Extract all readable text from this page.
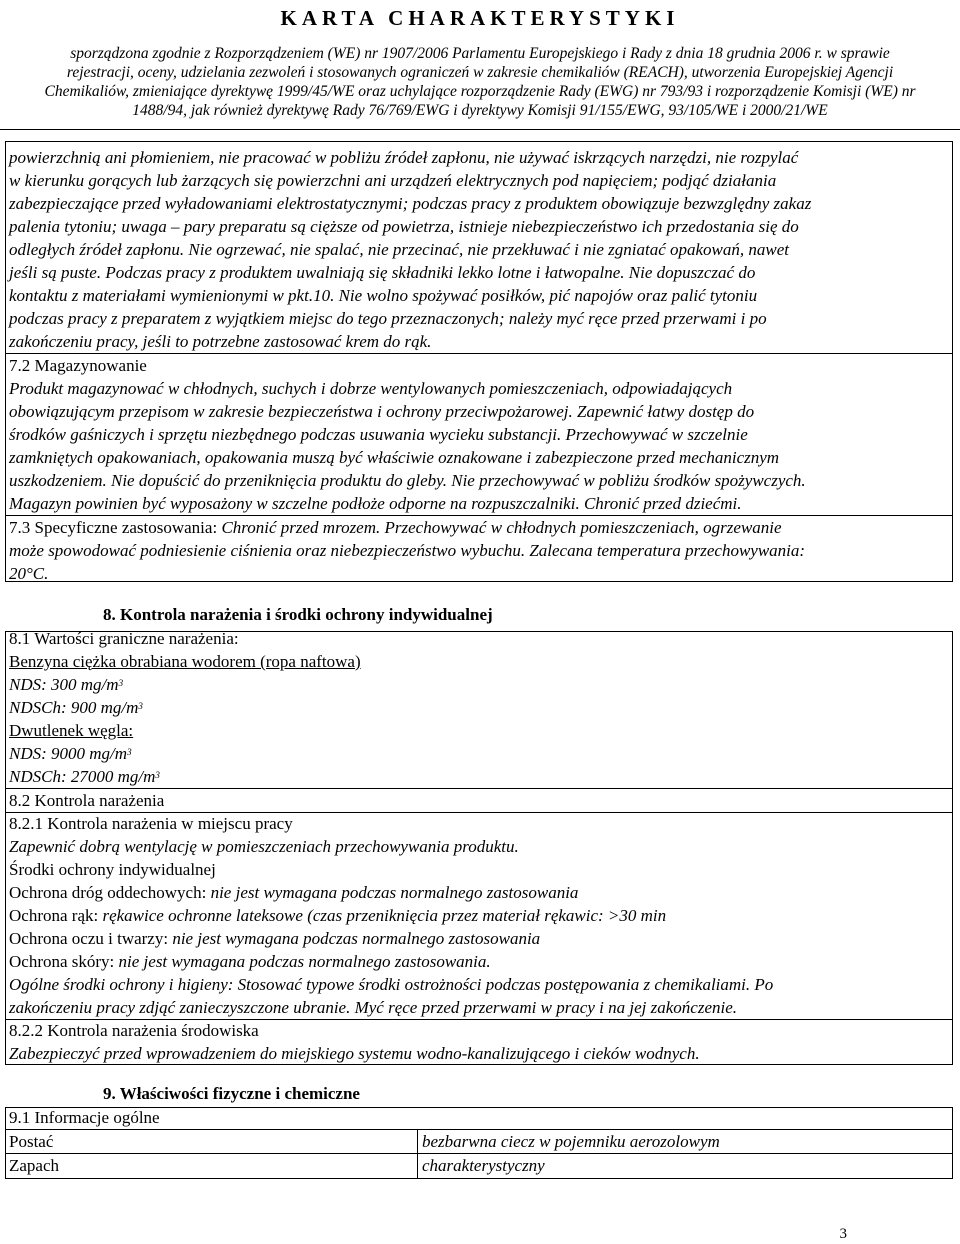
KARTA CHARAKTERYSTYKI
sporządzona zgodnie z Rozporządzeniem (WE) nr 1907/2006 Parlamentu Europejskiego i Rady z dnia 18 grudnia 2006 r. w sprawie
rejestracji, oceny, udzielania zezwoleń i stosowanych ograniczeń w zakresie chemikaliów (REACH), utworzenia Europejskiej Agencji
Chemikaliów, zmieniające dyrektywę 1999/45/WE oraz uchylające rozporządzenie Rady (EWG) nr 793/93 i rozporządzenie Komisji (WE) nr
1488/94, jak również dyrektywę Rady 76/769/EWG i dyrektywy Komisji 91/155/EWG, 93/105/WE i 2000/21/WE
powierzchnią ani płomieniem, nie pracować w pobliżu źródeł zapłonu, nie używać iskrzących narzędzi, nie rozpylać
w kierunku gorących lub żarzących się powierzchni ani urządzeń elektrycznych pod napięciem; podjąć działania
zabezpieczające przed wyładowaniami elektrostatycznymi; podczas pracy z produktem obowiązuje bezwzględny zakaz
palenia tytoniu; uwaga – pary preparatu są cięższe od powietrza, istnieje niebezpieczeństwo ich przedostania się do
odległych źródeł zapłonu. Nie ogrzewać, nie spalać, nie przecinać, nie przekłuwać i nie zgniatać opakowań, nawet
jeśli są puste. Podczas pracy z produktem uwalniają się składniki lekko lotne i łatwopalne. Nie dopuszczać do
kontaktu z materiałami wymienionymi w pkt.10. Nie wolno spożywać posiłków, pić napojów oraz palić tytoniu
podczas pracy z preparatem z wyjątkiem miejsc do tego przeznaczonych; należy myć ręce przed przerwami i po
zakończeniu pracy, jeśli to potrzebne zastosować krem do rąk.
7.2 Magazynowanie
Produkt magazynować w chłodnych, suchych i dobrze wentylowanych pomieszczeniach, odpowiadających
obowiązującym przepisom w zakresie bezpieczeństwa i ochrony przeciwpożarowej. Zapewnić łatwy dostęp do
środków gaśniczych i sprzętu niezbędnego podczas usuwania wycieku substancji. Przechowywać w szczelnie
zamkniętych opakowaniach, opakowania muszą być właściwie oznakowane i zabezpieczone przed mechanicznym
uszkodzeniem. Nie dopuścić do przeniknięcia produktu do gleby. Nie przechowywać w pobliżu środków spożywczych.
Magazyn powinien być wyposażony w szczelne podłoże odporne na rozpuszczalniki. Chronić przed dziećmi.
7.3 Specyficzne zastosowania: Chronić przed mrozem. Przechowywać w chłodnych pomieszczeniach, ogrzewanie
może spowodować podniesienie ciśnienia oraz niebezpieczeństwo wybuchu. Zalecana temperatura przechowywania:
20°C.
8. Kontrola narażenia i środki ochrony indywidualnej
8.1 Wartości graniczne narażenia:
Benzyna ciężka obrabiana wodorem (ropa naftowa)
NDS: 300 $mg/m^3$
NDSCh: 900 $mg/m^3$
Dwutlenek węgla:
NDS: 9000 $mg/m^3$
NDSCh: 27000 $mg/m^3$
8.2 Kontrola narażenia
8.2.1 Kontrola narażenia w miejscu pracy
Zapewnić dobrą wentylację w pomieszczeniach przechowywania produktu.
Środki ochrony indywidualnej
Ochrona dróg oddechowych: nie jest wymagana podczas normalnego zastosowania
Ochrona rąk: rękawice ochronne lateksowe (czas przeniknięcia przez materiał rękawic: >30 min
Ochrona oczu i twarzy: nie jest wymagana podczas normalnego zastosowania
Ochrona skóry: nie jest wymagana podczas normalnego zastosowania.
Ogólne środki ochrony i higieny: Stosować typowe środki ostrożności podczas postępowania z chemikaliami. Po
zakończeniu pracy zdjąć zanieczyszczone ubranie. Myć ręce przed przerwami w pracy i na jej zakończenie.
8.2.2 Kontrola narażenia środowiska
Zabezpieczyć przed wprowadzeniem do miejskiego systemu wodno-kanalizującego i cieków wodnych.
9. Właściwości fizyczne i chemiczne
9.1 Informacje ogólne
Postać	bezbarwna ciecz w pojemniku aerozolowym
Zapach	charakterystyczny
3
